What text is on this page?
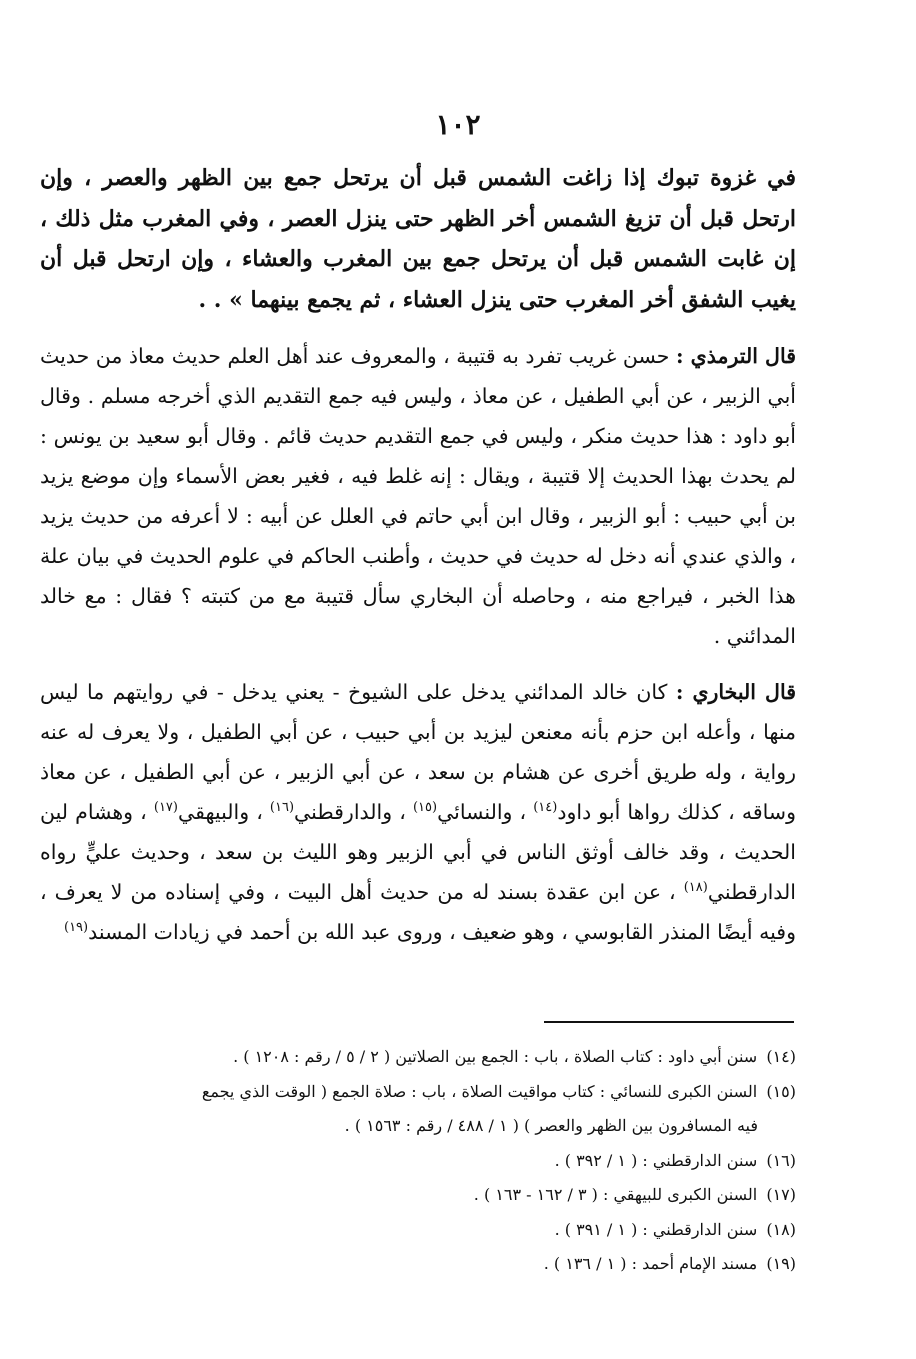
١٠٢

في غزوة تبوك إذا زاغت الشمس قبل أن يرتحل جمع بين الظهر والعصر ، وإن ارتحل قبل أن تزيغ الشمس أخر الظهر حتى ينزل العصر ، وفي المغرب مثل ذلك ، إن غابت الشمس قبل أن يرتحل جمع بين المغرب والعشاء ، وإن ارتحل قبل أن يغيب الشفق أخر المغرب حتى ينزل العشاء ، ثم يجمع بينهما » . .

قال الترمذي : حسن غريب تفرد به قتيبة ، والمعروف عند أهل العلم حديث معاذ من حديث أبي الزبير ، عن أبي الطفيل ، عن معاذ ، وليس فيه جمع التقديم الذي أخرجه مسلم . وقال أبو داود : هذا حديث منكر ، وليس في جمع التقديم حديث قائم . وقال أبو سعيد بن يونس : لم يحدث بهذا الحديث إلا قتيبة ، ويقال : إنه غلط فيه ، فغير بعض الأسماء وإن موضع يزيد بن أبي حبيب : أبو الزبير ، وقال ابن أبي حاتم في العلل عن أبيه : لا أعرفه من حديث يزيد ، والذي عندي أنه دخل له حديث في حديث ، وأطنب الحاكم في علوم الحديث في بيان علة هذا الخبر ، فيراجع منه ، وحاصله أن البخاري سأل قتيبة مع من كتبته ؟ فقال : مع خالد المدائني .

قال البخاري : كان خالد المدائني يدخل على الشيوخ - يعني يدخل - في روايتهم ما ليس منها ، وأعله ابن حزم بأنه معنعن ليزيد بن أبي حبيب ، عن أبي الطفيل ، ولا يعرف له عنه رواية ، وله طريق أخرى عن هشام بن سعد ، عن أبي الزبير ، عن أبي الطفيل ، عن معاذ وساقه ، كذلك رواها أبو داود$^{(١٤)}$ ، والنسائي$^{(١٥)}$ ، والدارقطني$^{(١٦)}$ ، والبيهقي$^{(١٧)}$ ، وهشام لين الحديث ، وقد خالف أوثق الناس في أبي الزبير وهو الليث بن سعد ، وحديث عليٍّ رواه الدارقطني$^{(١٨)}$ ، عن ابن عقدة بسند له من حديث أهل البيت ، وفي إسناده من لا يعرف ، وفيه أيضًا المنذر القابوسي ، وهو ضعيف ، وروى عبد الله بن أحمد في زيادات المسند$^{(١٩)}$

(١٤) سنن أبي داود : كتاب الصلاة ، باب : الجمع بين الصلاتين ( ٢ / ٥ / رقم : ١٢٠٨ ) .

(١٥) السنن الكبرى للنسائي : كتاب مواقيت الصلاة ، باب : صلاة الجمع ( الوقت الذي يجمع

فيه المسافرون بين الظهر والعصر ) ( ١ / ٤٨٨ / رقم : ١٥٦٣ ) .

(١٦) سنن الدارقطني : ( ١ / ٣٩٢ ) .

(١٧) السنن الكبرى للبيهقي : ( ٣ / ١٦٢ - ١٦٣ ) .

(١٨) سنن الدارقطني : ( ١ / ٣٩١ ) .

(١٩) مسند الإمام أحمد : ( ١ / ١٣٦ ) .
